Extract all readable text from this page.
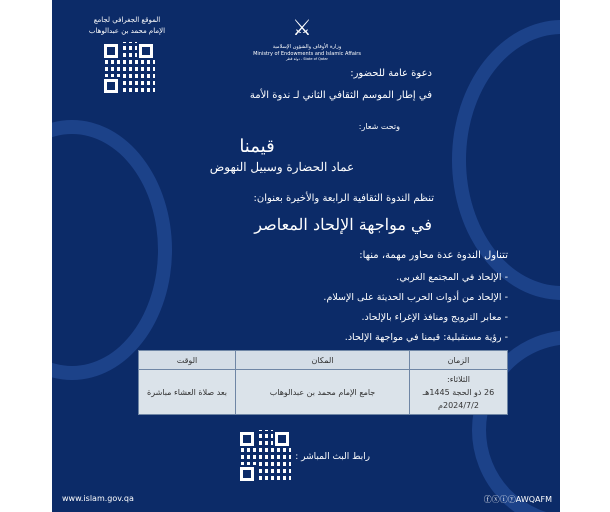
⚔
وزارة الأوقاف والشؤون الإسلامية
Ministry of Endowments and Islamic Affairs
State of Qatar - دولة قطر
الموقع الجغرافي لجامع
الإمام محمد بن عبدالوهاب
دعوة عامة للحضور:
في إطار الموسم الثقافي الثاني لـ ندوة الأمة
وتحت شعار:
قيمنا
عماد الحضارة وسبيل النهوض
تنظم الندوة الثقافية الرابعة والأخيرة بعنوان:
في مواجهة الإلحاد المعاصر
تتناول الندوة عدة محاور مهمة، منها:
- الإلحاد في المجتمع الغربي.
- الإلحاد من أدوات الحرب الحديثة على الإسلام.
- معابر الترويج ومنافذ الإغراء بالإلحاد.
- رؤية مستقبلية: قيمنا في مواجهة الإلحاد.
الزمان	المكان	الوقت

الثلاثاء:
26 ذو الحجة 1445هـ
2024/7/2م	جامع الإمام محمد بن عبدالوهاب	بعد صلاة العشاء مباشرة
رابط البث المباشر :
www.islam.gov.qa	ⓕⓧⓘⓨAWQAFM
